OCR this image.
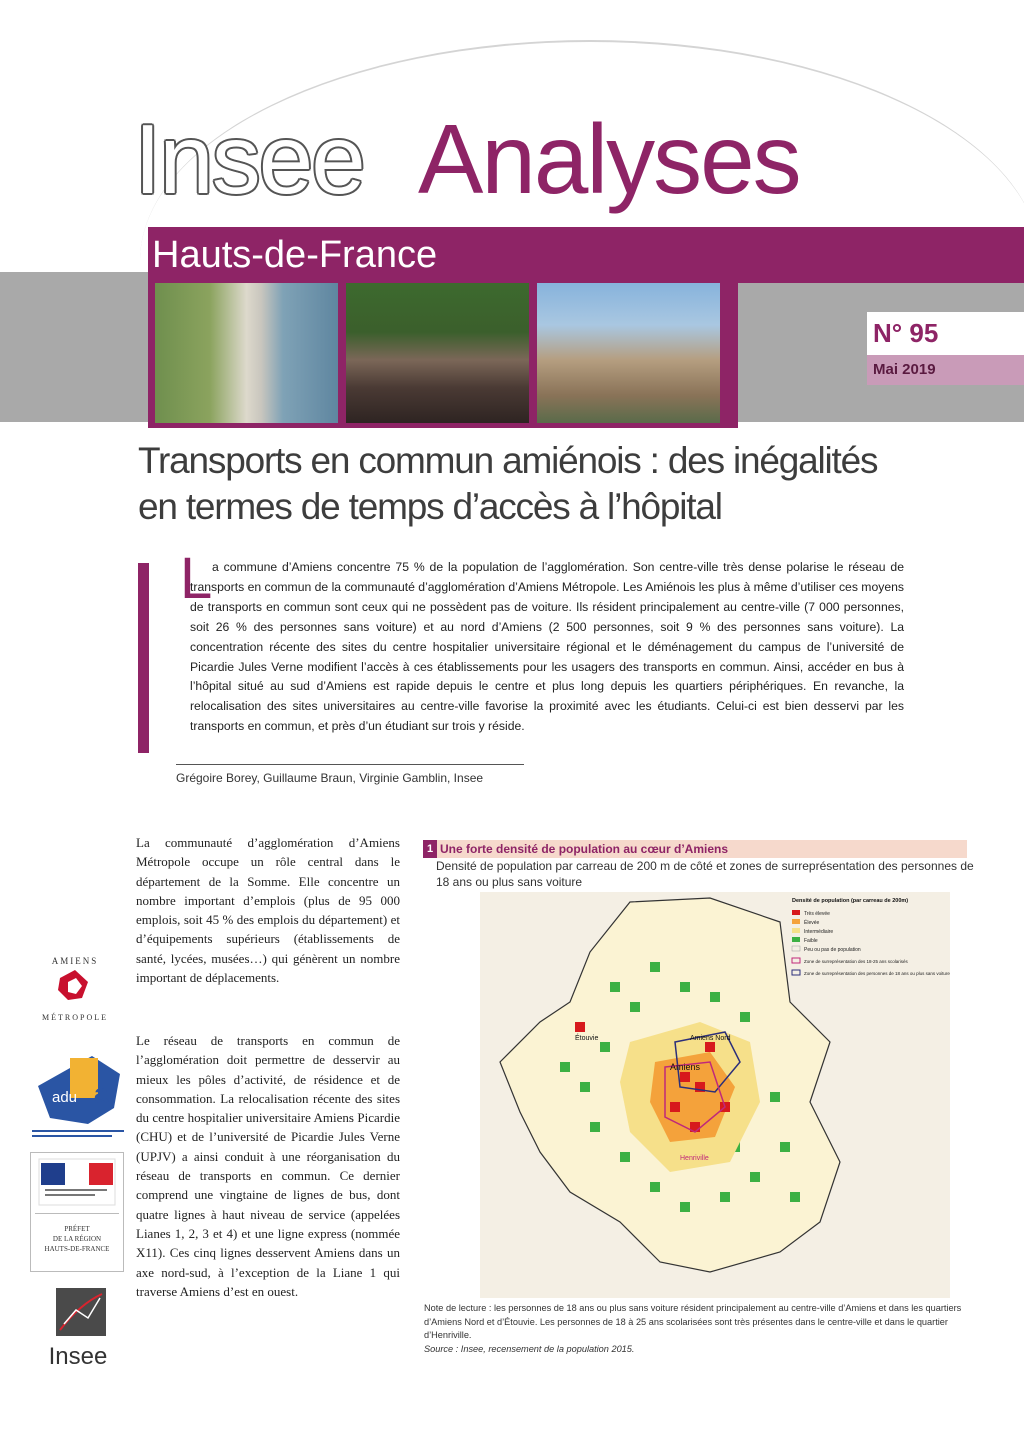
Insee Analyses
Hauts-de-France
N° 95
Mai 2019
Transports en commun amiénois : des inégalités
en termes de temps d’accès à l’hôpital
L a commune d’Amiens concentre 75 % de la population de l’agglomération. Son centre-ville très dense polarise le réseau de transports en commun de la communauté d’agglomération d’Amiens Métropole. Les Amiénois les plus à même d’utiliser ces moyens de transports en commun sont ceux qui ne possèdent pas de voiture. Ils résident principalement au centre-ville (7 000 personnes, soit 26 % des personnes sans voiture) et au nord d’Amiens (2 500 personnes, soit 9 % des personnes sans voiture). La concentration récente des sites du centre hospitalier universitaire régional et le déménagement du campus de l’université de Picardie Jules Verne modifient l’accès à ces établissements pour les usagers des transports en commun. Ainsi, accéder en bus à l’hôpital situé au sud d’Amiens est rapide depuis le centre et plus long depuis les quartiers périphériques. En revanche, la relocalisation des sites universitaires au centre-ville favorise la proximité avec les étudiants. Celui-ci est bien desservi par les transports en commun, et près d’un étudiant sur trois y réside.
Grégoire Borey, Guillaume Braun, Virginie Gamblin, Insee
La communauté d’agglomération d’Amiens Métropole occupe un rôle central dans le département de la Somme. Elle concentre un nombre important d’emplois (plus de 95 000 emplois, soit 45 % des emplois du département) et d’équipements supérieurs (établissements de santé, lycées, musées…) qui génèrent un nombre important de déplacements.
Le réseau de transports en commun de l’agglomération doit permettre de desservir au mieux les pôles d’activité, de résidence et de consommation. La relocalisation récente des sites du centre hospitalier universitaire Amiens Picardie (CHU) et de l’université de Picardie Jules Verne (UPJV) a ainsi conduit à une réorganisation du réseau de transports en commun. Ce dernier comprend une vingtaine de lignes de bus, dont quatre lignes à haut niveau de service (appelées Lianes 1, 2, 3 et 4) et une ligne express (nommée X11). Ces cinq lignes desservent Amiens dans un axe nord-sud, à l’exception de la Liane 1 qui traverse Amiens d’est en ouest.
AMIENS
MÉTROPOLE
adu a
PRÉFET
DE LA RÉGION
HAUTS-DE-FRANCE
Insee
1 Une forte densité de population au cœur d’Amiens
Densité de population par carreau de 200 m de côté et zones de surreprésentation des personnes de 18 ans ou plus sans voiture
Amiens
Amiens Nord
Étouvie
Henriville
Densité de population (par carreau de 200m)
Très élevée
Élevée
Intermédiaire
Faible
Peu ou pas de population
Zone de surreprésentation des 18-25 ans scolarisés
Zone de surreprésentation des personnes de 18 ans ou plus sans voiture
Note de lecture : les personnes de 18 ans ou plus sans voiture résident principalement au centre-ville d’Amiens et dans les quartiers d’Amiens Nord et d’Étouvie. Les personnes de 18 à 25 ans scolarisées sont très présentes dans le centre-ville et dans le quartier d’Henriville.
Source : Insee, recensement de la population 2015.
